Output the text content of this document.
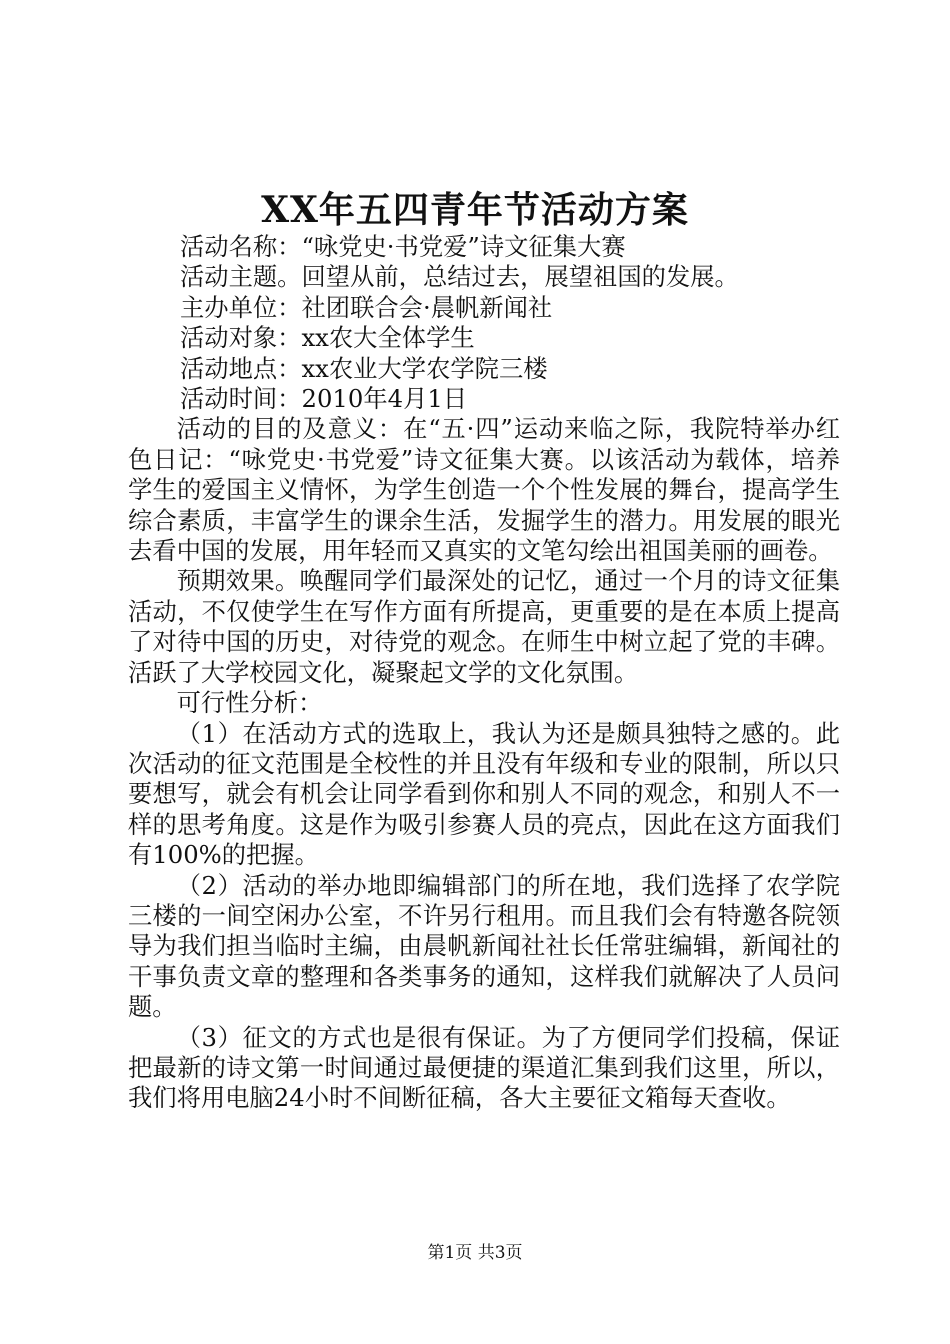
XX年五四青年节活动方案

活动名称：“咏党史·书党爱”诗文征集大赛

活动主题。回望从前，总结过去，展望祖国的发展。

主办单位：社团联合会·晨帆新闻社

活动对象：xx农大全体学生

活动地点：xx农业大学农学院三楼

活动时间：2010年4月1日

活动的目的及意义：在“五·四”运动来临之际，我院特举办红色日记：“咏党史·书党爱”诗文征集大赛。以该活动为载体，培养学生的爱国主义情怀，为学生创造一个个性发展的舞台，提高学生综合素质，丰富学生的课余生活，发掘学生的潜力。用发展的眼光去看中国的发展，用年轻而又真实的文笔勾绘出祖国美丽的画卷。

预期效果。唤醒同学们最深处的记忆，通过一个月的诗文征集活动，不仅使学生在写作方面有所提高，更重要的是在本质上提高了对待中国的历史，对待党的观念。在师生中树立起了党的丰碑。活跃了大学校园文化，凝聚起文学的文化氛围。

可行性分析：

（1）在活动方式的选取上，我认为还是颇具独特之感的。此次活动的征文范围是全校性的并且没有年级和专业的限制，所以只要想写，就会有机会让同学看到你和别人不同的观念，和别人不一样的思考角度。这是作为吸引参赛人员的亮点，因此在这方面我们有100%的把握。

（2）活动的举办地即编辑部门的所在地，我们选择了农学院三楼的一间空闲办公室，不许另行租用。而且我们会有特邀各院领导为我们担当临时主编，由晨帆新闻社社长任常驻编辑，新闻社的干事负责文章的整理和各类事务的通知，这样我们就解决了人员问题。

（3）征文的方式也是很有保证。为了方便同学们投稿，保证把最新的诗文第一时间通过最便捷的渠道汇集到我们这里，所以，我们将用电脑24小时不间断征稿，各大主要征文箱每天查收。

第1页 共3页
